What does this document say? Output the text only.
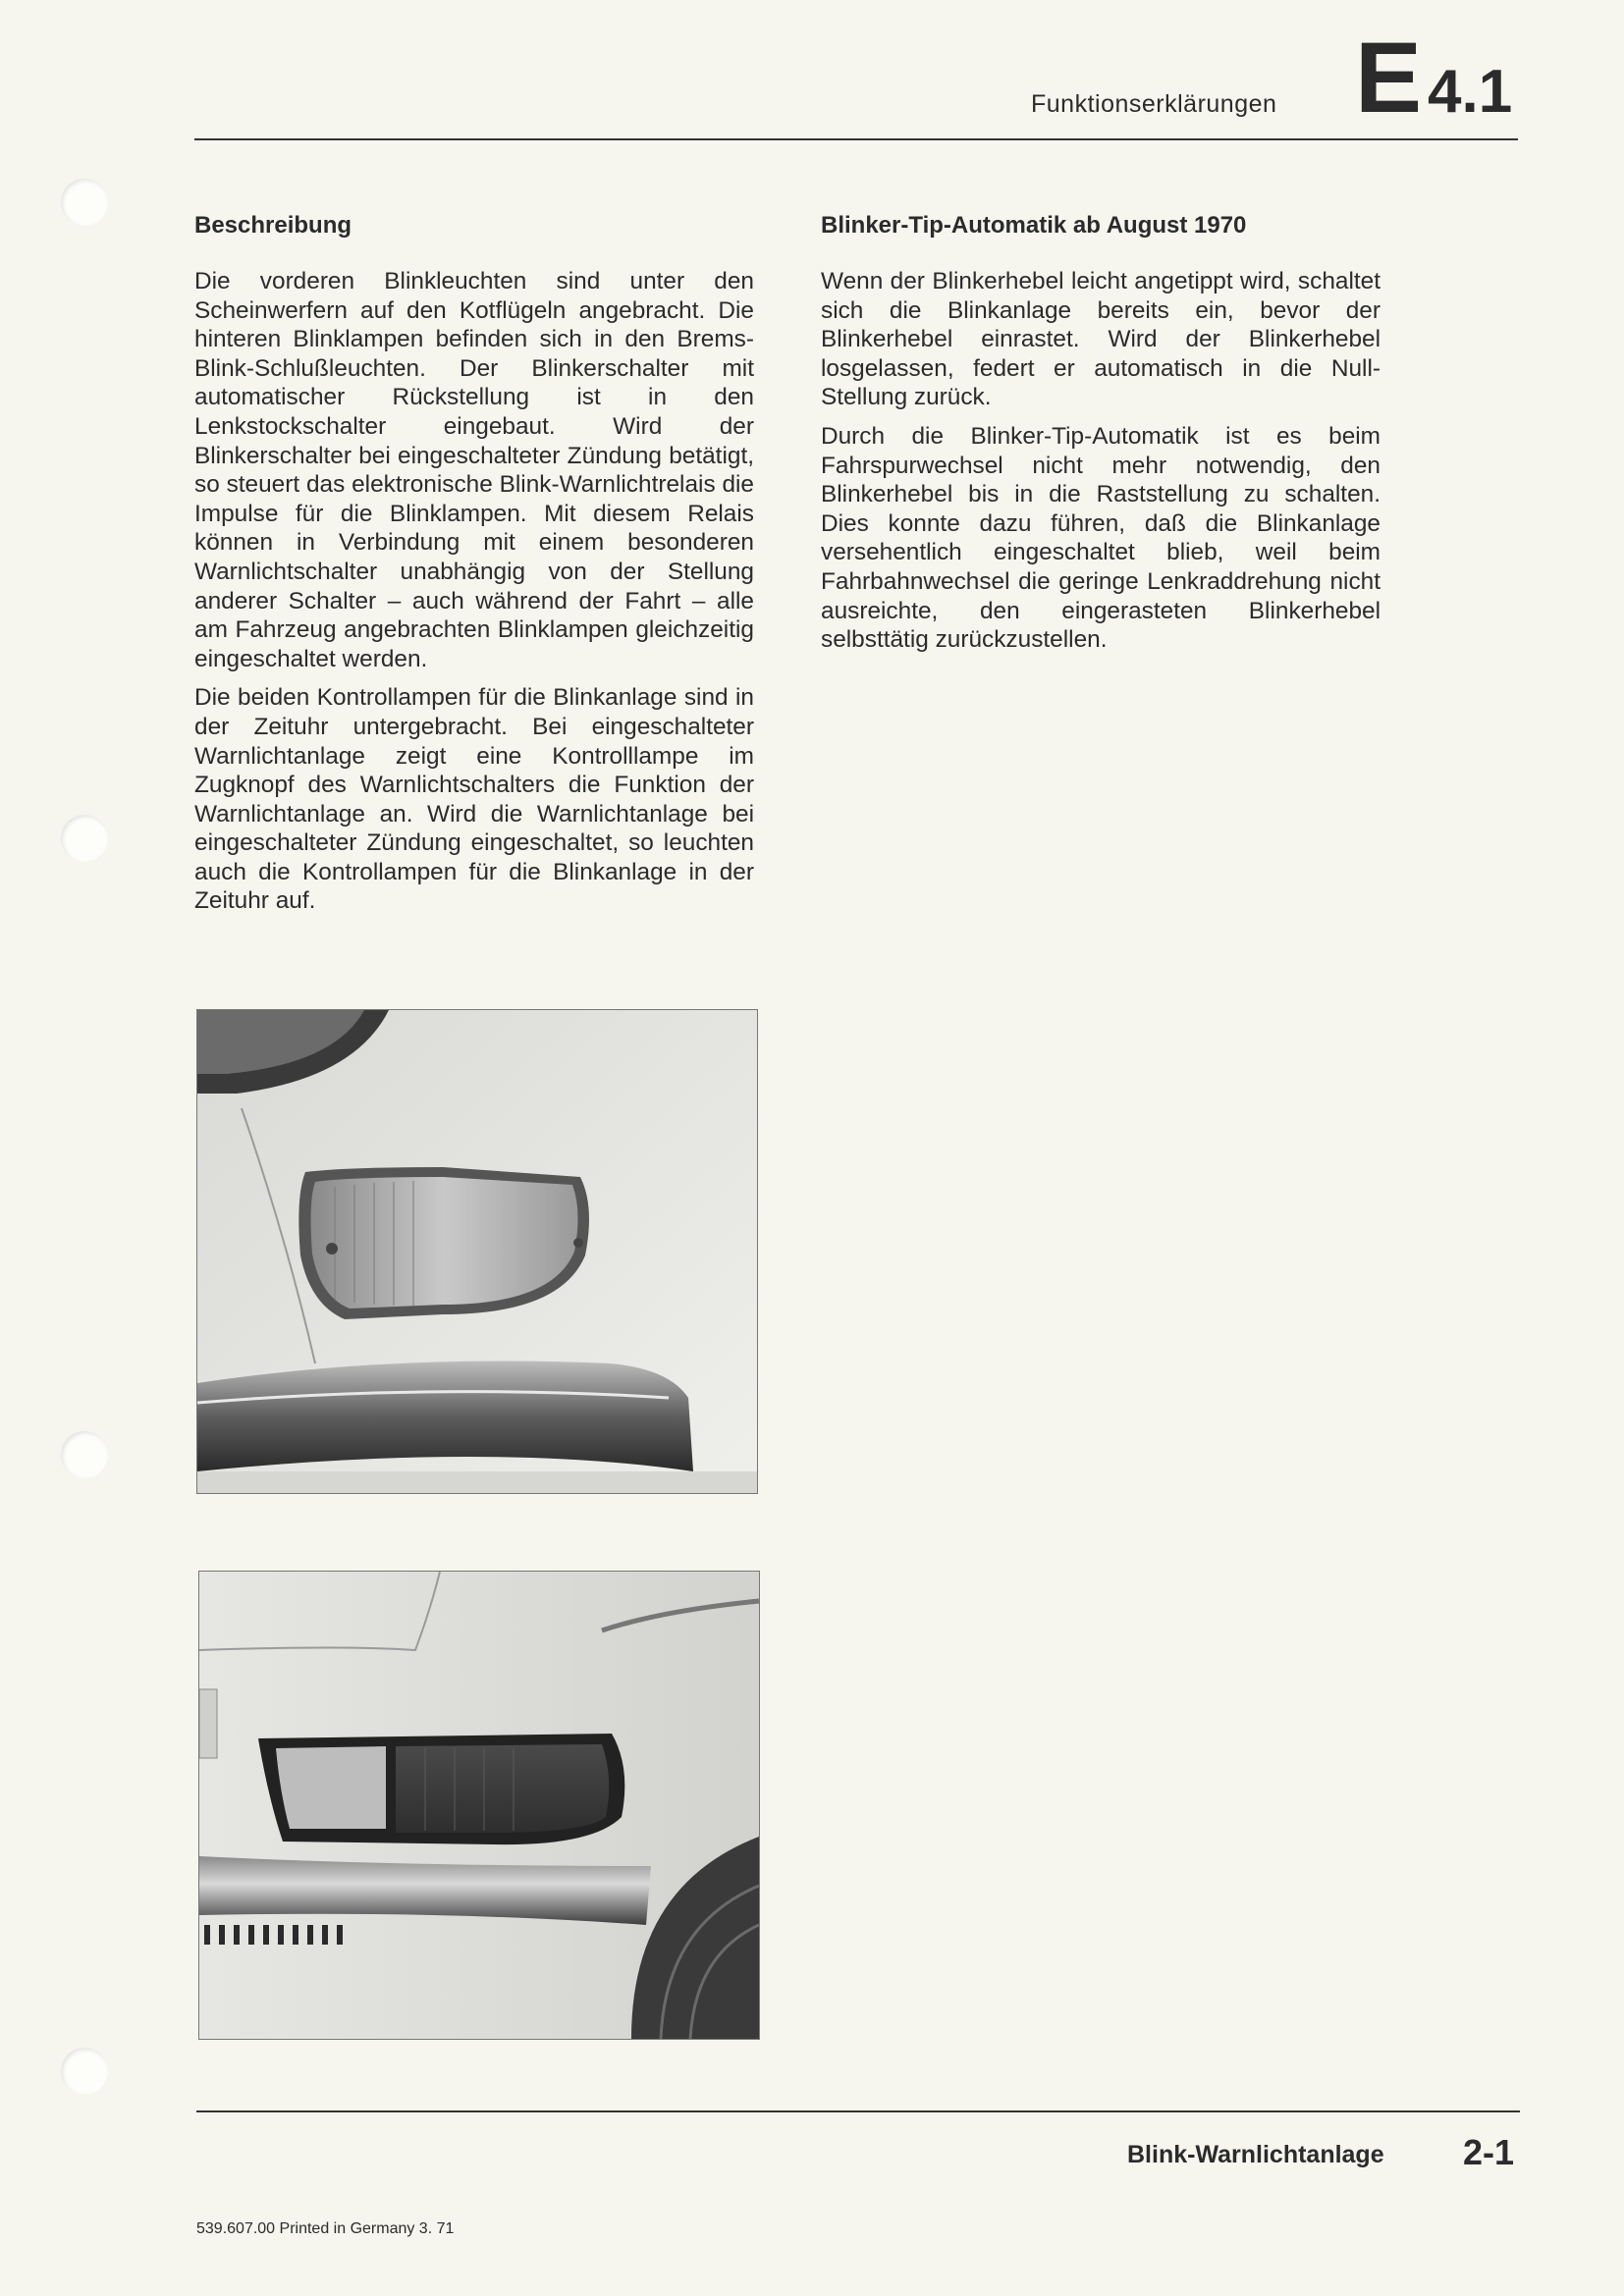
Funktionserklärungen E4.1
Beschreibung

Die vorderen Blinkleuchten sind unter den Scheinwerfern auf den Kotflügeln angebracht. Die hinteren Blinklampen befinden sich in den Brems-Blink-Schlußleuchten. Der Blinkerschalter mit automatischer Rückstellung ist in den Lenkstockschalter eingebaut. Wird der Blinkerschalter bei eingeschalteter Zündung betätigt, so steuert das elektronische Blink-Warnlichtrelais die Impulse für die Blinklampen. Mit diesem Relais können in Verbindung mit einem besonderen Warnlichtschalter unabhängig von der Stellung anderer Schalter – auch während der Fahrt – alle am Fahrzeug angebrachten Blinklampen gleichzeitig eingeschaltet werden.

Die beiden Kontrollampen für die Blinkanlage sind in der Zeituhr untergebracht. Bei eingeschalteter Warnlichtanlage zeigt eine Kontrolllampe im Zugknopf des Warnlichtschalters die Funktion der Warnlichtanlage an. Wird die Warnlichtanlage bei eingeschalteter Zündung eingeschaltet, so leuchten auch die Kontrollampen für die Blinkanlage in der Zeituhr auf.

Blinker-Tip-Automatik ab August 1970

Wenn der Blinkerhebel leicht angetippt wird, schaltet sich die Blinkanlage bereits ein, bevor der Blinkerhebel einrastet. Wird der Blinkerhebel losgelassen, federt er automatisch in die Null-Stellung zurück.

Durch die Blinker-Tip-Automatik ist es beim Fahrspurwechsel nicht mehr notwendig, den Blinkerhebel bis in die Raststellung zu schalten. Dies konnte dazu führen, daß die Blinkanlage versehentlich eingeschaltet blieb, weil beim Fahrbahnwechsel die geringe Lenkraddrehung nicht ausreichte, den eingerasteten Blinkerhebel selbsttätig zurückzustellen.

Blink-Warnlichtanlage 2-1
539.607.00 Printed in Germany 3. 71
